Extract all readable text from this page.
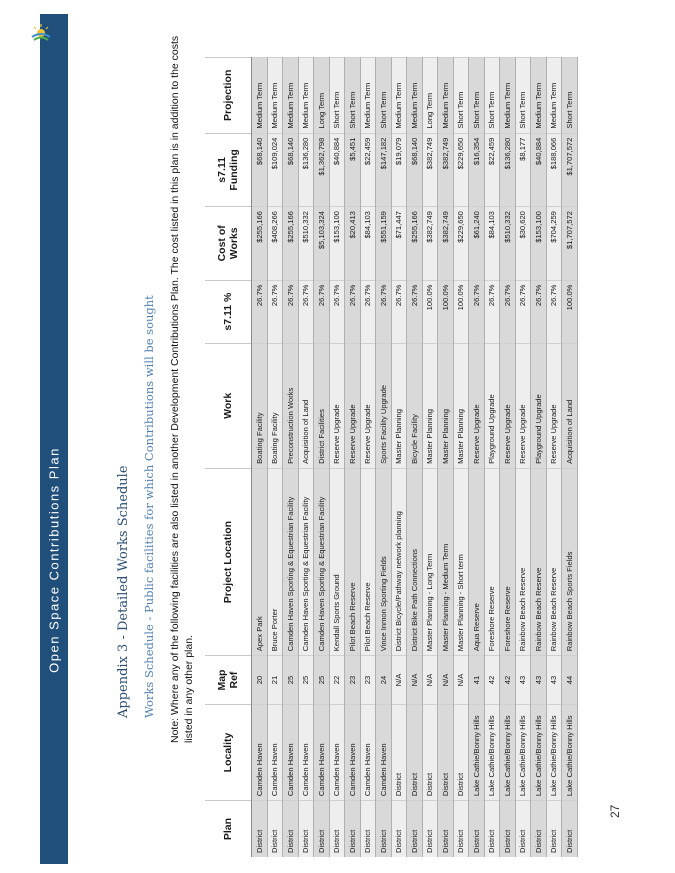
Open Space Contributions Plan
27
Appendix 3 - Detailed Works Schedule Works Schedule - Public facilities for which Contributions will be sought Note: Where any of the following facilities are also listed in another Development Contributions Plan. The cost listed in this plan is in addition to the costs listed in any other plan.
Plan	Locality	Map Ref	Project Location	Work	s7.11 %	Cost of Works	s7.11 Funding	Projection
District	Camden Haven	20	Apex Park	Boating Facility	26.7%	$255,166	$68,140	Medium Term
District	Camden Haven	21	Bruce Porter	Boating Facility	26.7%	$408,266	$109,024	Medium Term
District	Camden Haven	25	Camden Haven Sporting & Equestrian Facility	Preconstruction Works	26.7%	$255,166	$68,140	Medium Term
District	Camden Haven	25	Camden Haven Sporting & Equestrian Facility	Acquisition of Land	26.7%	$510,332	$136,280	Medium Term
District	Camden Haven	25	Camden Haven Sporting & Equestrian Facility	District Facilities	26.7%	$5,103,324	$1,362,798	Long Term
District	Camden Haven	22	Kendall Sports Ground	Reserve Upgrade	26.7%	$153,100	$40,884	Short Term
District	Camden Haven	23	Pilot Beach Reserve	Reserve Upgrade	26.7%	$20,413	$5,451	Short Term
District	Camden Haven	23	Pilot Beach Reserve	Reserve Upgrade	26.7%	$84,103	$22,459	Medium Term
District	Camden Haven	24	Vince Inmon Sporting Fields	Sports Facility Upgrade	26.7%	$551,159	$147,182	Short Term
District	District	N/A	District Bicycle/Pathway network planning	Master Planning	26.7%	$71,447	$19,079	Medium Term
District	District	N/A	District Bike Path Connections	Bicycle Facility	26.7%	$255,166	$68,140	Medium Term
District	District	N/A	Master Planning - Long Term	Master Planning	100.0%	$382,749	$382,749	Long Term
District	District	N/A	Master Planning - Medium Term	Master Planning	100.0%	$382,749	$382,749	Medium Term
District	District	N/A	Master Planning - Short term	Master Planning	100.0%	$229,650	$229,650	Short Term
District	Lake Cathie/Bonny Hills	41	Aqua Reserve	Reserve Upgrade	26.7%	$61,240	$16,354	Short Term
District	Lake Cathie/Bonny Hills	42	Foreshore Reserve	Playground Upgrade	26.7%	$84,103	$22,459	Short Term
District	Lake Cathie/Bonny Hills	42	Foreshore Reserve	Reserve Upgrade	26.7%	$510,332	$136,280	Medium Term
District	Lake Cathie/Bonny Hills	43	Rainbow Beach Reserve	Reserve Upgrade	26.7%	$30,620	$8,177	Short Term
District	Lake Cathie/Bonny Hills	43	Rainbow Beach Reserve	Playground Upgrade	26.7%	$153,100	$40,884	Medium Term
District	Lake Cathie/Bonny Hills	43	Rainbow Beach Reserve	Reserve Upgrade	26.7%	$704,259	$188,066	Medium Term
District	Lake Cathie/Bonny Hills	44	Rainbow Beach Sports Fields	Acquisition of Land	100.0%	$1,707,572	$1,707,572	Short Term
